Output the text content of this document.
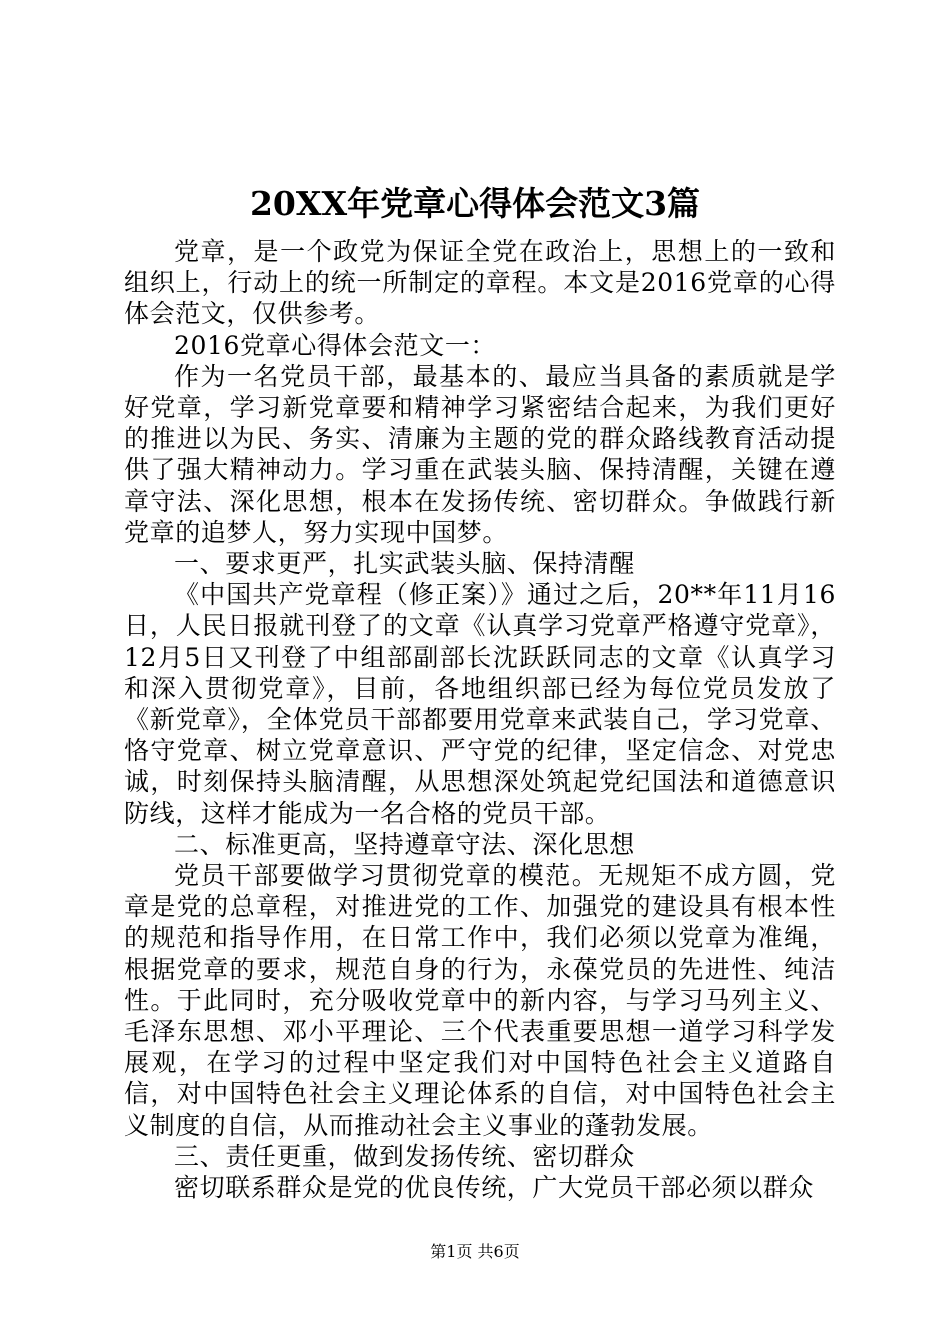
20XX年党章心得体会范文3篇

党章，是一个政党为保证全党在政治上，思想上的一致和组织上，行动上的统一所制定的章程。本文是2016党章的心得体会范文，仅供参考。

2016党章心得体会范文一：

作为一名党员干部，最基本的、最应当具备的素质就是学好党章，学习新党章要和精神学习紧密结合起来，为我们更好的推进以为民、务实、清廉为主题的党的群众路线教育活动提供了强大精神动力。学习重在武装头脑、保持清醒，关键在遵章守法、深化思想，根本在发扬传统、密切群众。争做践行新党章的追梦人，努力实现中国梦。

一、要求更严，扎实武装头脑、保持清醒

《中国共产党章程（修正案）》通过之后，20**年11月16日，人民日报就刊登了的文章《认真学习党章严格遵守党章》，12月5日又刊登了中组部副部长沈跃跃同志的文章《认真学习和深入贯彻党章》，目前，各地组织部已经为每位党员发放了《新党章》，全体党员干部都要用党章来武装自己，学习党章、恪守党章、树立党章意识、严守党的纪律，坚定信念、对党忠诚，时刻保持头脑清醒，从思想深处筑起党纪国法和道德意识防线，这样才能成为一名合格的党员干部。

二、标准更高，坚持遵章守法、深化思想

党员干部要做学习贯彻党章的模范。无规矩不成方圆，党章是党的总章程，对推进党的工作、加强党的建设具有根本性的规范和指导作用，在日常工作中，我们必须以党章为准绳，根据党章的要求，规范自身的行为，永葆党员的先进性、纯洁性。于此同时，充分吸收党章中的新内容，与学习马列主义、毛泽东思想、邓小平理论、三个代表重要思想一道学习科学发展观，在学习的过程中坚定我们对中国特色社会主义道路自信，对中国特色社会主义理论体系的自信，对中国特色社会主义制度的自信，从而推动社会主义事业的蓬勃发展。

三、责任更重，做到发扬传统、密切群众

密切联系群众是党的优良传统，广大党员干部必须以群众

第1页 共6页
